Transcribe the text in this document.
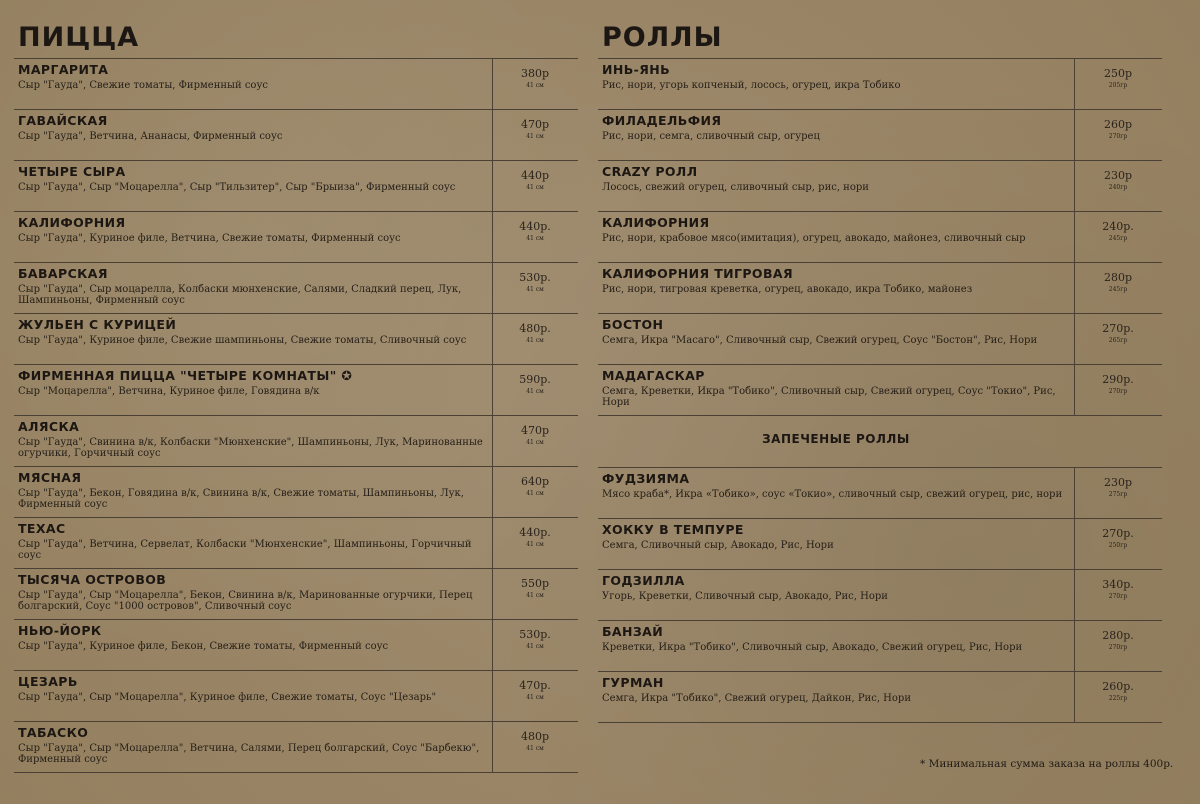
ПИЦЦА
МАРГАРИТА
Сыр "Гауда", Свежие томаты, Фирменный соус
380р
41 см
ГАВАЙСКАЯ
Сыр "Гауда", Ветчина, Ананасы, Фирменный соус
470р
41 см
ЧЕТЫРЕ СЫРА
Сыр "Гауда", Сыр "Моцарелла", Сыр "Тильзитер", Сыр "Брыиза", Фирменный соус
440р
41 см
КАЛИФОРНИЯ
Сыр "Гауда", Куриное филе, Ветчина, Свежие томаты, Фирменный соус
440р.
41 см
БАВАРСКАЯ
Сыр "Гауда", Сыр моцарелла, Колбаски мюнхенские, Салями, Сладкий перец, Лук, Шампиньоны, Фирменный соус
530р.
41 см
ЖУЛЬЕН С КУРИЦЕЙ
Сыр "Гауда", Куриное филе, Свежие шампиньоны, Свежие томаты, Сливочный соус
480р.
41 см
ФИРМЕННАЯ ПИЦЦА "ЧЕТЫРЕ КОМНАТЫ" ✪
Сыр "Моцарелла", Ветчина, Куриное филе, Говядина в/к
590р.
41 см
АЛЯСКА
Сыр "Гауда", Свинина в/к, Колбаски "Мюнхенские", Шампиньоны, Лук, Маринованные огурчики, Горчичный соус
470р
41 см
МЯСНАЯ
Сыр "Гауда", Бекон, Говядина в/к, Свинина в/к, Свежие томаты, Шампиньоны, Лук, Фирменный соус
640р
41 см
ТЕХАС
Сыр "Гауда", Ветчина, Сервелат, Колбаски "Мюнхенские", Шампиньоны, Горчичный соус
440р.
41 см
ТЫСЯЧА ОСТРОВОВ
Сыр "Гауда", Сыр "Моцарелла", Бекон, Свинина в/к, Маринованные огурчики, Перец болгарский, Соус "1000 островов", Сливочный соус
550р
41 см
НЬЮ-ЙОРК
Сыр "Гауда", Куриное филе, Бекон, Свежие томаты, Фирменный соус
530р.
41 см
ЦЕЗАРЬ
Сыр "Гауда", Сыр "Моцарелла", Куриное филе, Свежие томаты, Соус "Цезарь"
470р.
41 см
ТАБАСКО
Сыр "Гауда", Сыр "Моцарелла", Ветчина, Салями, Перец болгарский, Соус "Барбекю", Фирменный соус
480р
41 см
РОЛЛЫ
ИНЬ-ЯНЬ
Рис, нори, угорь копченый, лосось, огурец, икра Тобико
250р
205гр
ФИЛАДЕЛЬФИЯ
Рис, нори, семга, сливочный сыр, огурец
260р
270гр
CRAZY РОЛЛ
Лосось, свежий огурец, сливочный сыр, рис, нори
230р
240гр
КАЛИФОРНИЯ
Рис, нори, крабовое мясо(имитация), огурец, авокадо, майонез, сливочный сыр
240р.
245гр
КАЛИФОРНИЯ ТИГРОВАЯ
Рис, нори, тигровая креветка, огурец, авокадо, икра Тобико, майонез
280р
245гр
БОСТОН
Семга, Икра "Масаго", Сливочный сыр, Свежий огурец, Соус "Бостон", Рис, Нори
270р.
265гр
МАДАГАСКАР
Семга, Креветки, Икра "Тобико", Сливочный сыр, Свежий огурец, Соус "Токио", Рис, Нори
290р.
270гр
ЗАПЕЧЕНЫЕ РОЛЛЫ
ФУДЗИЯМА
Мясо краба*, Икра «Тобико», соус «Токио», сливочный сыр, свежий огурец, рис, нори
230р
275гр
ХОККУ В ТЕМПУРЕ
Семга, Сливочный сыр, Авокадо, Рис, Нори
270р.
250гр
ГОДЗИЛЛА
Угорь, Креветки, Сливочный сыр, Авокадо, Рис, Нори
340р.
270гр
БАНЗАЙ
Креветки, Икра "Тобико", Сливочный сыр, Авокадо, Свежий огурец, Рис, Нори
280р.
270гр
ГУРМАН
Семга, Икра "Тобико", Свежий огурец, Дайкон, Рис, Нори
260р.
225гр
* Минимальная сумма заказа на роллы 400р.
